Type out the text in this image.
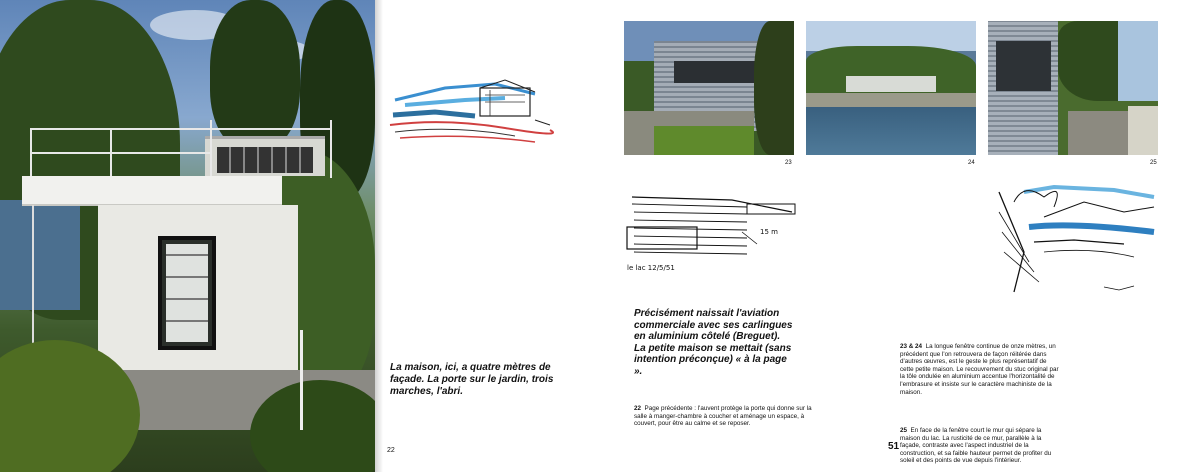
La maison, ici, a quatre mètres de façade. La porte sur le jardin, trois marches, l'abri.
22
23	24	25
15 m
le lac 12/5/51
Précisément naissait l'aviation commerciale avec ses carlingues en aluminium côtelé (Breguet). La petite maison se mettait (sans intention préconçue) « à la page ».
22 Page précédente : l'auvent protège la porte qui donne sur la salle à manger-chambre à coucher et aménage un espace, à couvert, pour être au calme et se reposer.
51
23 & 24 La longue fenêtre continue de onze mètres, un précédent que l'on retrouvera de façon réitérée dans d'autres œuvres, est le geste le plus représentatif de cette petite maison. Le recouvrement du stuc original par la tôle ondulée en aluminium accentue l'horizontalité de l'embrasure et insiste sur le caractère machiniste de la maison.
25 En face de la fenêtre court le mur qui sépare la maison du lac. La rusticité de ce mur, parallèle à la façade, contraste avec l'aspect industriel de la construction, et sa faible hauteur permet de profiter du soleil et des points de vue depuis l'intérieur.
